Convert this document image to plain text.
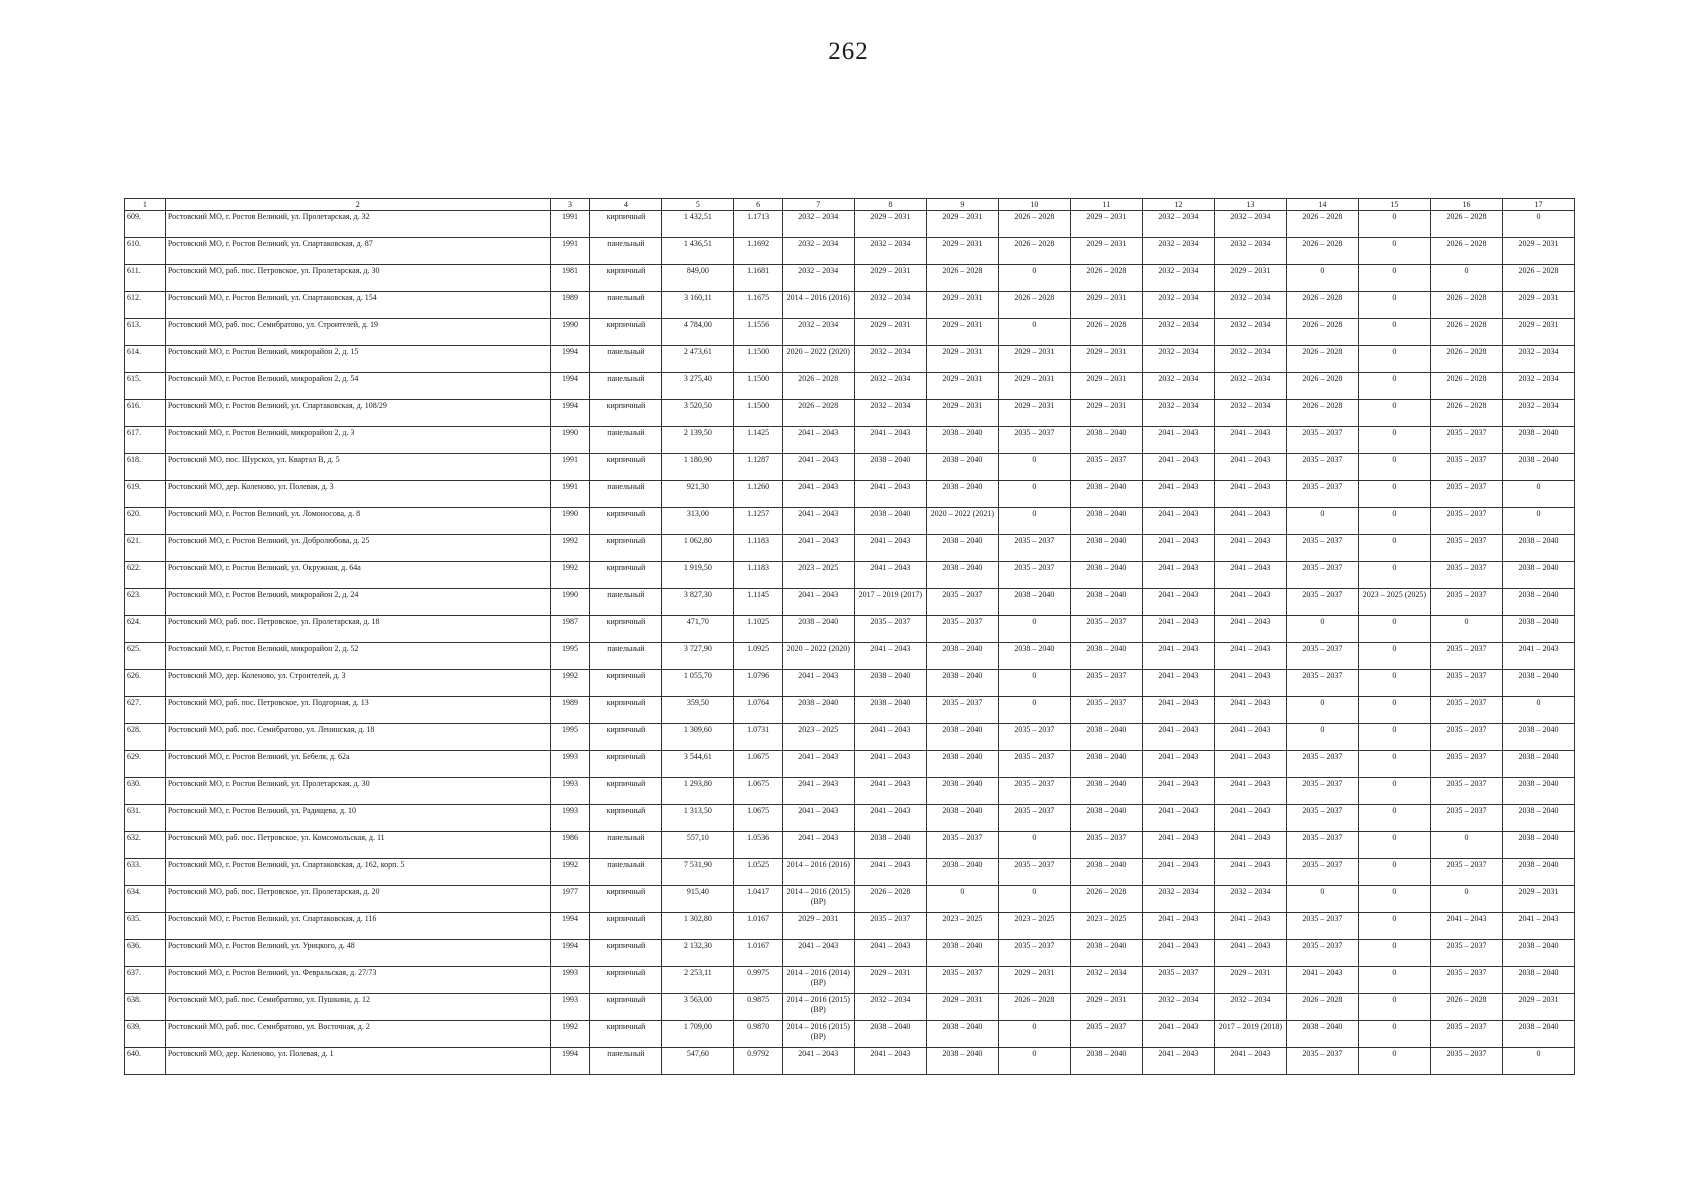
262
1	2	3	4	5	6	7	8	9	10	11	12	13	14	15	16	17
609.	Ростовский МО, г. Ростов Великий, ул. Пролетарская, д. 32	1991	кирпичный	1 432,51	1.1713	2032 – 2034	2029 – 2031	2029 – 2031	2026 – 2028	2029 – 2031	2032 – 2034	2032 – 2034	2026 – 2028	0	2026 – 2028	0
610.	Ростовский МО, г. Ростов Великий, ул. Спартаковская, д. 87	1991	панельный	1 436,51	1.1692	2032 – 2034	2032 – 2034	2029 – 2031	2026 – 2028	2029 – 2031	2032 – 2034	2032 – 2034	2026 – 2028	0	2026 – 2028	2029 – 2031
611.	Ростовский МО, раб. пос. Петровское, ул. Пролетарская, д. 30	1981	кирпичный	849,00	1.1681	2032 – 2034	2029 – 2031	2026 – 2028	0	2026 – 2028	2032 – 2034	2029 – 2031	0	0	0	2026 – 2028
612.	Ростовский МО, г. Ростов Великий, ул. Спартаковская, д. 154	1989	панельный	3 160,11	1.1675	2014 – 2016 (2016)	2032 – 2034	2029 – 2031	2026 – 2028	2029 – 2031	2032 – 2034	2032 – 2034	2026 – 2028	0	2026 – 2028	2029 – 2031
613.	Ростовский МО, раб. пос. Семибратово, ул. Строителей, д. 19	1990	кирпичный	4 784,00	1.1556	2032 – 2034	2029 – 2031	2029 – 2031	0	2026 – 2028	2032 – 2034	2032 – 2034	2026 – 2028	0	2026 – 2028	2029 – 2031
614.	Ростовский МО, г. Ростов Великий, микрорайон 2, д. 15	1994	панельный	2 473,61	1.1500	2020 – 2022 (2020)	2032 – 2034	2029 – 2031	2029 – 2031	2029 – 2031	2032 – 2034	2032 – 2034	2026 – 2028	0	2026 – 2028	2032 – 2034
615.	Ростовский МО, г. Ростов Великий, микрорайон 2, д. 54	1994	панельный	3 275,40	1.1500	2026 – 2028	2032 – 2034	2029 – 2031	2029 – 2031	2029 – 2031	2032 – 2034	2032 – 2034	2026 – 2028	0	2026 – 2028	2032 – 2034
616.	Ростовский МО, г. Ростов Великий, ул. Спартаковская, д. 108/29	1994	кирпичный	3 520,50	1.1500	2026 – 2028	2032 – 2034	2029 – 2031	2029 – 2031	2029 – 2031	2032 – 2034	2032 – 2034	2026 – 2028	0	2026 – 2028	2032 – 2034
617.	Ростовский МО, г. Ростов Великий, микрорайон 2, д. 3	1990	панельный	2 139,50	1.1425	2041 – 2043	2041 – 2043	2038 – 2040	2035 – 2037	2038 – 2040	2041 – 2043	2041 – 2043	2035 – 2037	0	2035 – 2037	2038 – 2040
618.	Ростовский МО, пос. Шурскол, ул. Квартал В, д. 5	1991	кирпичный	1 180,90	1.1287	2041 – 2043	2038 – 2040	2038 – 2040	0	2035 – 2037	2041 – 2043	2041 – 2043	2035 – 2037	0	2035 – 2037	2038 – 2040
619.	Ростовский МО, дер. Коленово, ул. Полевая, д. 3	1991	панельный	921,30	1.1260	2041 – 2043	2041 – 2043	2038 – 2040	0	2038 – 2040	2041 – 2043	2041 – 2043	2035 – 2037	0	2035 – 2037	0
620.	Ростовский МО, г. Ростов Великий, ул. Ломоносова, д. 8	1990	кирпичный	313,00	1.1257	2041 – 2043	2038 – 2040	2020 – 2022 (2021)	0	2038 – 2040	2041 – 2043	2041 – 2043	0	0	2035 – 2037	0
621.	Ростовский МО, г. Ростов Великий, ул. Добролюбова, д. 25	1992	кирпичный	1 062,80	1.1183	2041 – 2043	2041 – 2043	2038 – 2040	2035 – 2037	2038 – 2040	2041 – 2043	2041 – 2043	2035 – 2037	0	2035 – 2037	2038 – 2040
622.	Ростовский МО, г. Ростов Великий, ул. Окружная, д. 64а	1992	кирпичный	1 919,50	1.1183	2023 – 2025	2041 – 2043	2038 – 2040	2035 – 2037	2038 – 2040	2041 – 2043	2041 – 2043	2035 – 2037	0	2035 – 2037	2038 – 2040
623.	Ростовский МО, г. Ростов Великий, микрорайон 2, д. 24	1990	панельный	3 827,30	1.1145	2041 – 2043	2017 – 2019 (2017)	2035 – 2037	2038 – 2040	2038 – 2040	2041 – 2043	2041 – 2043	2035 – 2037	2023 – 2025 (2025)	2035 – 2037	2038 – 2040
624.	Ростовский МО, раб. пос. Петровское, ул. Пролетарская, д. 18	1987	кирпичный	471,70	1.1025	2038 – 2040	2035 – 2037	2035 – 2037	0	2035 – 2037	2041 – 2043	2041 – 2043	0	0	0	2038 – 2040
625.	Ростовский МО, г. Ростов Великий, микрорайон 2, д. 52	1995	панельный	3 727,90	1.0925	2020 – 2022 (2020)	2041 – 2043	2038 – 2040	2038 – 2040	2038 – 2040	2041 – 2043	2041 – 2043	2035 – 2037	0	2035 – 2037	2041 – 2043
626.	Ростовский МО, дер. Коленово, ул. Строителей, д. 3	1992	кирпичный	1 055,70	1.0796	2041 – 2043	2038 – 2040	2038 – 2040	0	2035 – 2037	2041 – 2043	2041 – 2043	2035 – 2037	0	2035 – 2037	2038 – 2040
627.	Ростовский МО, раб. пос. Петровское, ул. Подгорная, д. 13	1989	кирпичный	359,50	1.0764	2038 – 2040	2038 – 2040	2035 – 2037	0	2035 – 2037	2041 – 2043	2041 – 2043	0	0	2035 – 2037	0
628.	Ростовский МО, раб. пос. Семибратово, ул. Ленинская, д. 18	1995	кирпичный	1 309,60	1.0731	2023 – 2025	2041 – 2043	2038 – 2040	2035 – 2037	2038 – 2040	2041 – 2043	2041 – 2043	0	0	2035 – 2037	2038 – 2040
629.	Ростовский МО, г. Ростов Великий, ул. Бебеля, д. 62а	1993	кирпичный	3 544,61	1.0675	2041 – 2043	2041 – 2043	2038 – 2040	2035 – 2037	2038 – 2040	2041 – 2043	2041 – 2043	2035 – 2037	0	2035 – 2037	2038 – 2040
630.	Ростовский МО, г. Ростов Великий, ул. Пролетарская, д. 30	1993	кирпичный	1 293,80	1.0675	2041 – 2043	2041 – 2043	2038 – 2040	2035 – 2037	2038 – 2040	2041 – 2043	2041 – 2043	2035 – 2037	0	2035 – 2037	2038 – 2040
631.	Ростовский МО, г. Ростов Великий, ул. Радищева, д. 10	1993	кирпичный	1 313,50	1.0675	2041 – 2043	2041 – 2043	2038 – 2040	2035 – 2037	2038 – 2040	2041 – 2043	2041 – 2043	2035 – 2037	0	2035 – 2037	2038 – 2040
632.	Ростовский МО, раб. пос. Петровское, ул. Комсомольская, д. 11	1986	панельный	557,10	1.0536	2041 – 2043	2038 – 2040	2035 – 2037	0	2035 – 2037	2041 – 2043	2041 – 2043	2035 – 2037	0	0	2038 – 2040
633.	Ростовский МО, г. Ростов Великий, ул. Спартаковская, д. 162, корп. 5	1992	панельный	7 531,90	1.0525	2014 – 2016 (2016)	2041 – 2043	2038 – 2040	2035 – 2037	2038 – 2040	2041 – 2043	2041 – 2043	2035 – 2037	0	2035 – 2037	2038 – 2040
634.	Ростовский МО, раб. пос. Петровское, ул. Пролетарская, д. 20	1977	кирпичный	915,40	1.0417	2014 – 2016 (2015) (ВР)	2026 – 2028	0	0	2026 – 2028	2032 – 2034	2032 – 2034	0	0	0	2029 – 2031
635.	Ростовский МО, г. Ростов Великий, ул. Спартаковская, д. 116	1994	кирпичный	1 302,80	1.0167	2029 – 2031	2035 – 2037	2023 – 2025	2023 – 2025	2023 – 2025	2041 – 2043	2041 – 2043	2035 – 2037	0	2041 – 2043	2041 – 2043
636.	Ростовский МО, г. Ростов Великий, ул. Урицкого, д. 48	1994	кирпичный	2 132,30	1.0167	2041 – 2043	2041 – 2043	2038 – 2040	2035 – 2037	2038 – 2040	2041 – 2043	2041 – 2043	2035 – 2037	0	2035 – 2037	2038 – 2040
637.	Ростовский МО, г. Ростов Великий, ул. Февральская, д. 27/73	1993	кирпичный	2 253,11	0.9975	2014 – 2016 (2014) (ВР)	2029 – 2031	2035 – 2037	2029 – 2031	2032 – 2034	2035 – 2037	2029 – 2031	2041 – 2043	0	2035 – 2037	2038 – 2040
638.	Ростовский МО, раб. пос. Семибратово, ул. Пушкина, д. 12	1993	кирпичный	3 563,00	0.9875	2014 – 2016 (2015) (ВР)	2032 – 2034	2029 – 2031	2026 – 2028	2029 – 2031	2032 – 2034	2032 – 2034	2026 – 2028	0	2026 – 2028	2029 – 2031
639.	Ростовский МО, раб. пос. Семибратово, ул. Восточная, д. 2	1992	кирпичный	1 709,00	0.9870	2014 – 2016 (2015) (ВР)	2038 – 2040	2038 – 2040	0	2035 – 2037	2041 – 2043	2017 – 2019 (2018)	2038 – 2040	0	2035 – 2037	2038 – 2040
640.	Ростовский МО, дер. Коленово, ул. Полевая, д. 1	1994	панельный	547,60	0.9792	2041 – 2043	2041 – 2043	2038 – 2040	0	2038 – 2040	2041 – 2043	2041 – 2043	2035 – 2037	0	2035 – 2037	0
